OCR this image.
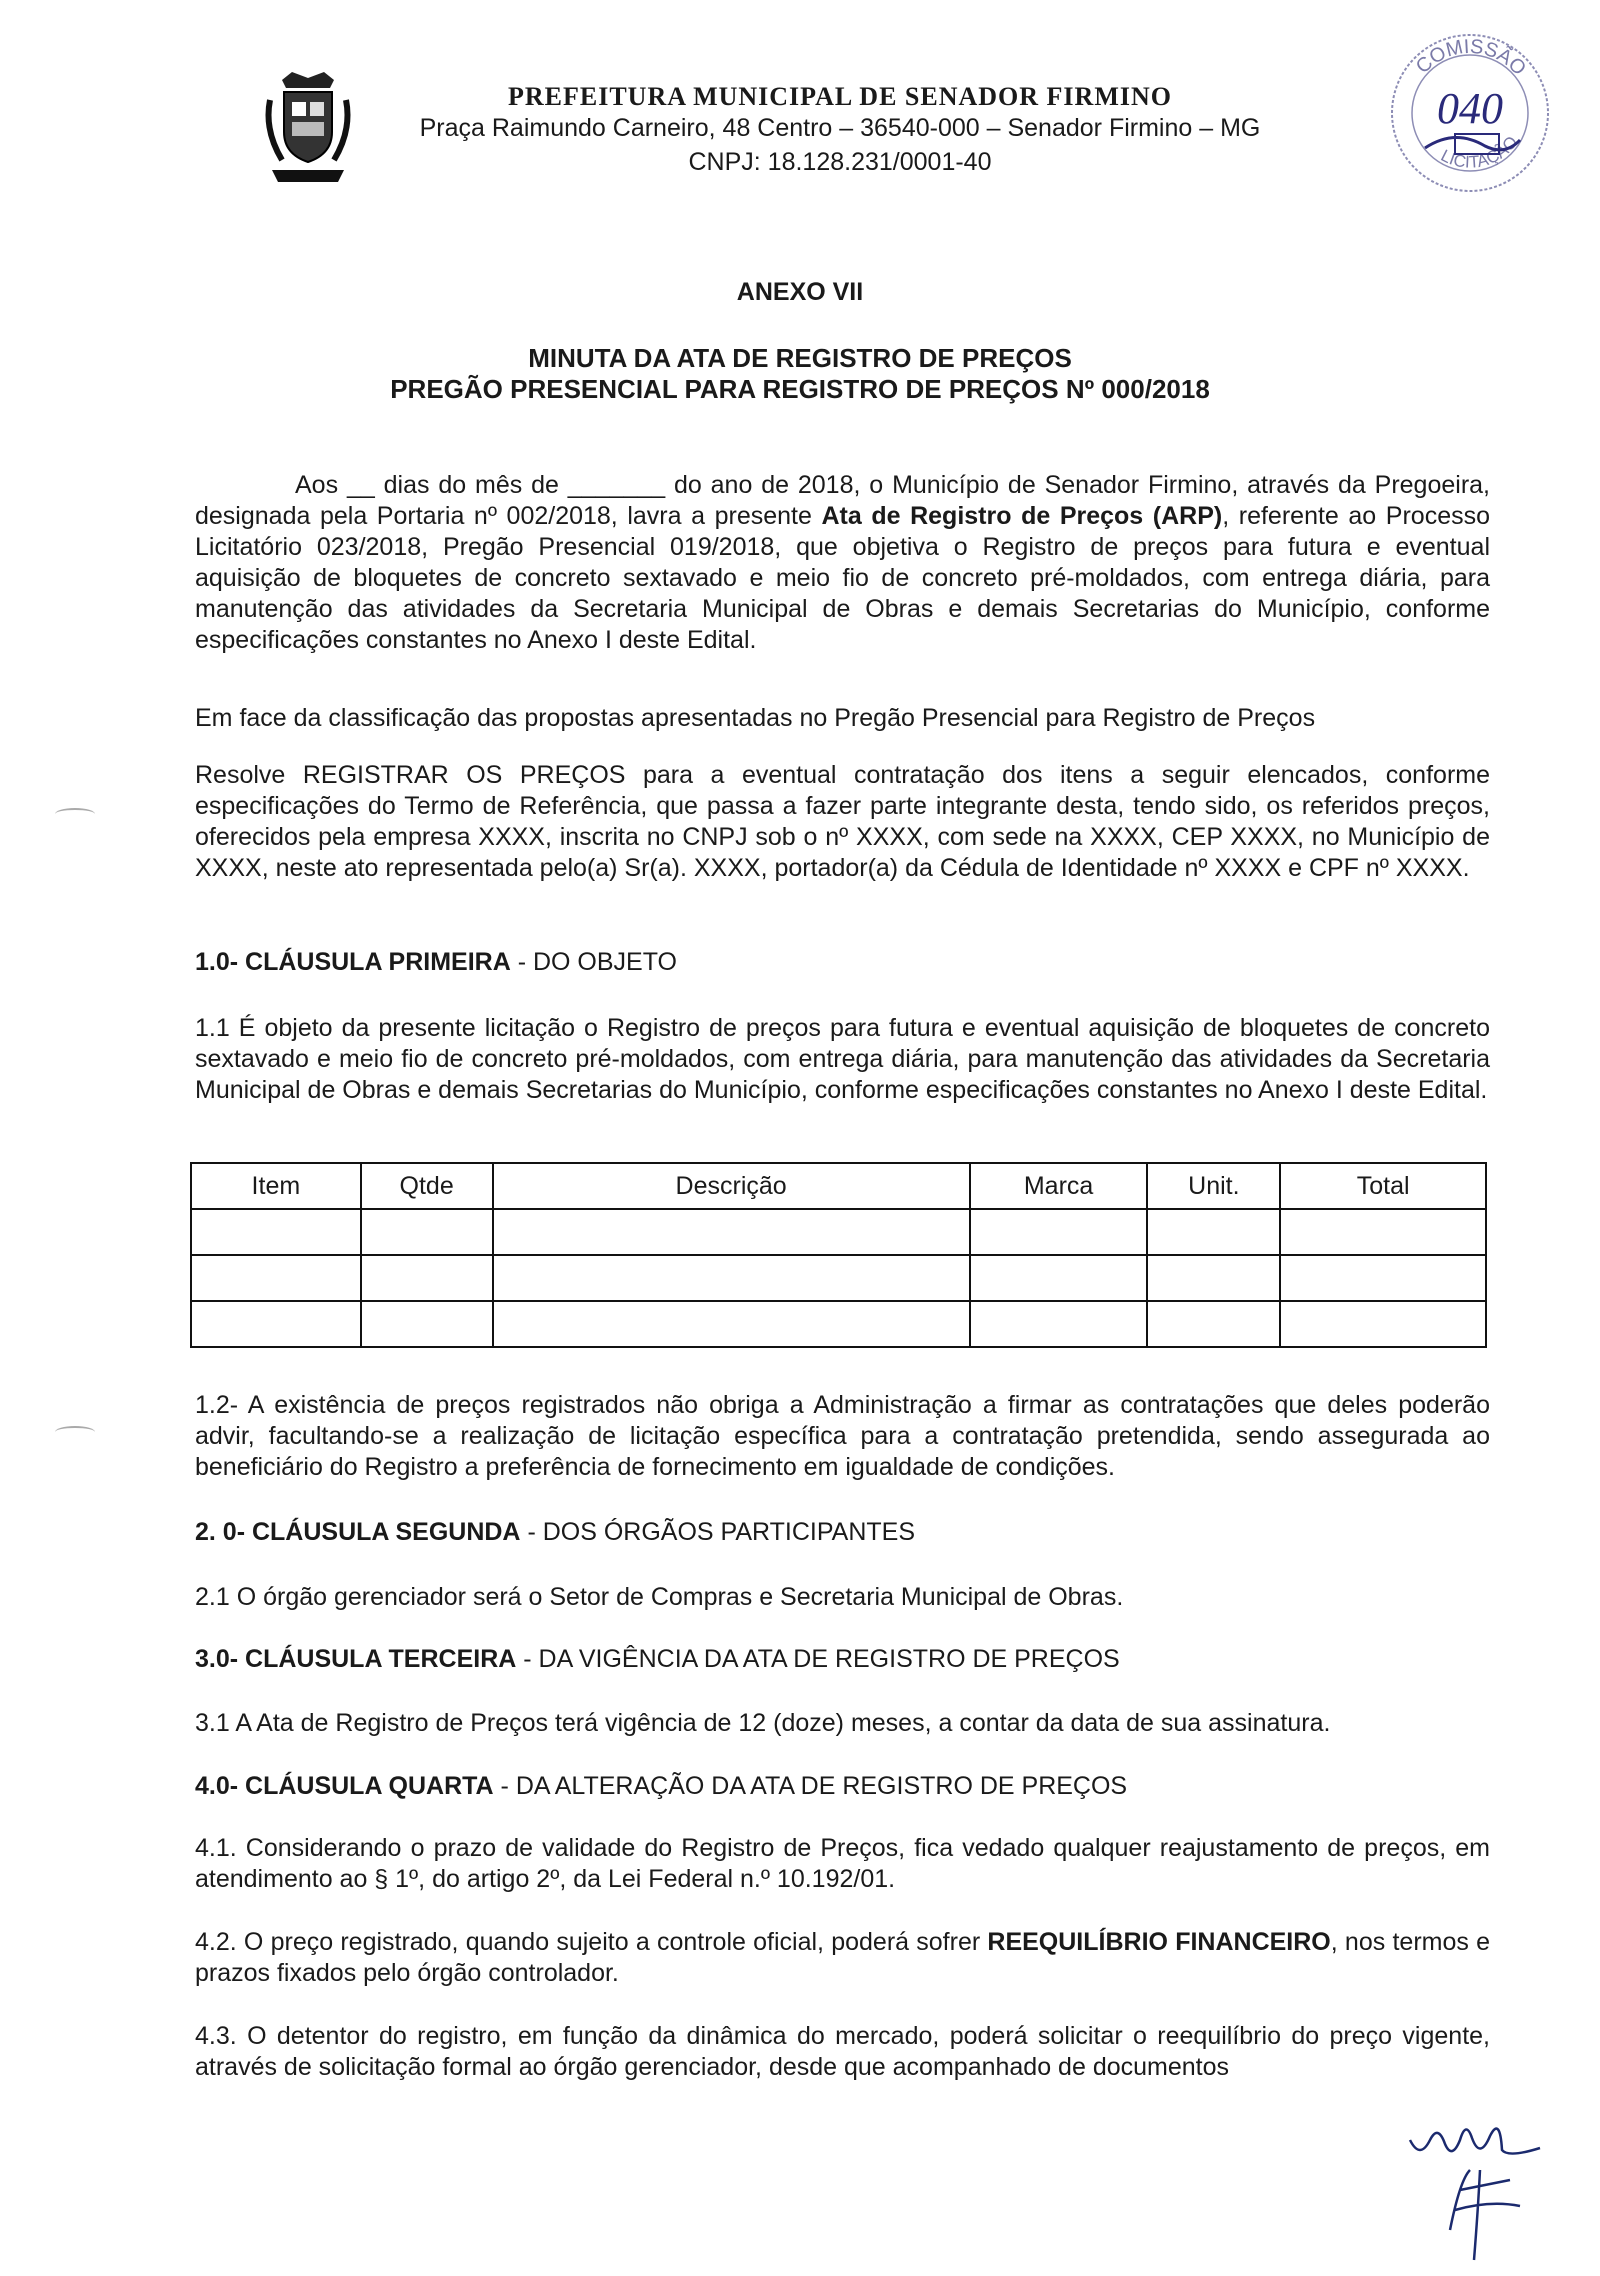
PREFEITURA MUNICIPAL DE SENADOR FIRMINO
Praça Raimundo Carneiro, 48 Centro – 36540-000 – Senador Firmino – MG
CNPJ: 18.128.231/0001-40
COMISSÃO
LICITAÇÃO
040
ANEXO VII
MINUTA DA ATA DE REGISTRO DE PREÇOS
PREGÃO PRESENCIAL PARA REGISTRO DE PREÇOS Nº 000/2018
Aos __ dias do mês de _______ do ano de 2018, o Município de Senador Firmino, através da Pregoeira, designada pela Portaria nº 002/2018, lavra a presente Ata de Registro de Preços (ARP), referente ao Processo Licitatório 023/2018, Pregão Presencial 019/2018, que objetiva o Registro de preços para futura e eventual aquisição de bloquetes de concreto sextavado e meio fio de concreto pré-moldados, com entrega diária, para manutenção das atividades da Secretaria Municipal de Obras e demais Secretarias do Município, conforme especificações constantes no Anexo I deste Edital.
Em face da classificação das propostas apresentadas no Pregão Presencial para Registro de Preços
Resolve REGISTRAR OS PREÇOS para a eventual contratação dos itens a seguir elencados, conforme especificações do Termo de Referência, que passa a fazer parte integrante desta, tendo sido, os referidos preços, oferecidos pela empresa XXXX, inscrita no CNPJ sob o nº XXXX, com sede na XXXX, CEP XXXX, no Município de XXXX, neste ato representada pelo(a) Sr(a). XXXX, portador(a) da Cédula de Identidade nº XXXX e CPF nº XXXX.
1.0- CLÁUSULA PRIMEIRA - DO OBJETO
1.1 É objeto da presente licitação o Registro de preços para futura e eventual aquisição de bloquetes de concreto sextavado e meio fio de concreto pré-moldados, com entrega diária, para manutenção das atividades da Secretaria Municipal de Obras e demais Secretarias do Município, conforme especificações constantes no Anexo I deste Edital.
Item	Qtde	Descrição	Marca	Unit.	Total

1.2- A existência de preços registrados não obriga a Administração a firmar as contratações que deles poderão advir, facultando-se a realização de licitação específica para a contratação pretendida, sendo assegurada ao beneficiário do Registro a preferência de fornecimento em igualdade de condições.
2. 0- CLÁUSULA SEGUNDA - DOS ÓRGÃOS PARTICIPANTES
2.1 O órgão gerenciador será o Setor de Compras e Secretaria Municipal de Obras.
3.0- CLÁUSULA TERCEIRA - DA VIGÊNCIA DA ATA DE REGISTRO DE PREÇOS
3.1 A Ata de Registro de Preços terá vigência de 12 (doze) meses, a contar da data de sua assinatura.
4.0- CLÁUSULA QUARTA - DA ALTERAÇÃO DA ATA DE REGISTRO DE PREÇOS
4.1. Considerando o prazo de validade do Registro de Preços, fica vedado qualquer reajustamento de preços, em atendimento ao § 1º, do artigo 2º, da Lei Federal n.º 10.192/01.
4.2. O preço registrado, quando sujeito a controle oficial, poderá sofrer REEQUILÍBRIO FINANCEIRO, nos termos e prazos fixados pelo órgão controlador.
4.3. O detentor do registro, em função da dinâmica do mercado, poderá solicitar o reequilíbrio do preço vigente, através de solicitação formal ao órgão gerenciador, desde que acompanhado de documentos
